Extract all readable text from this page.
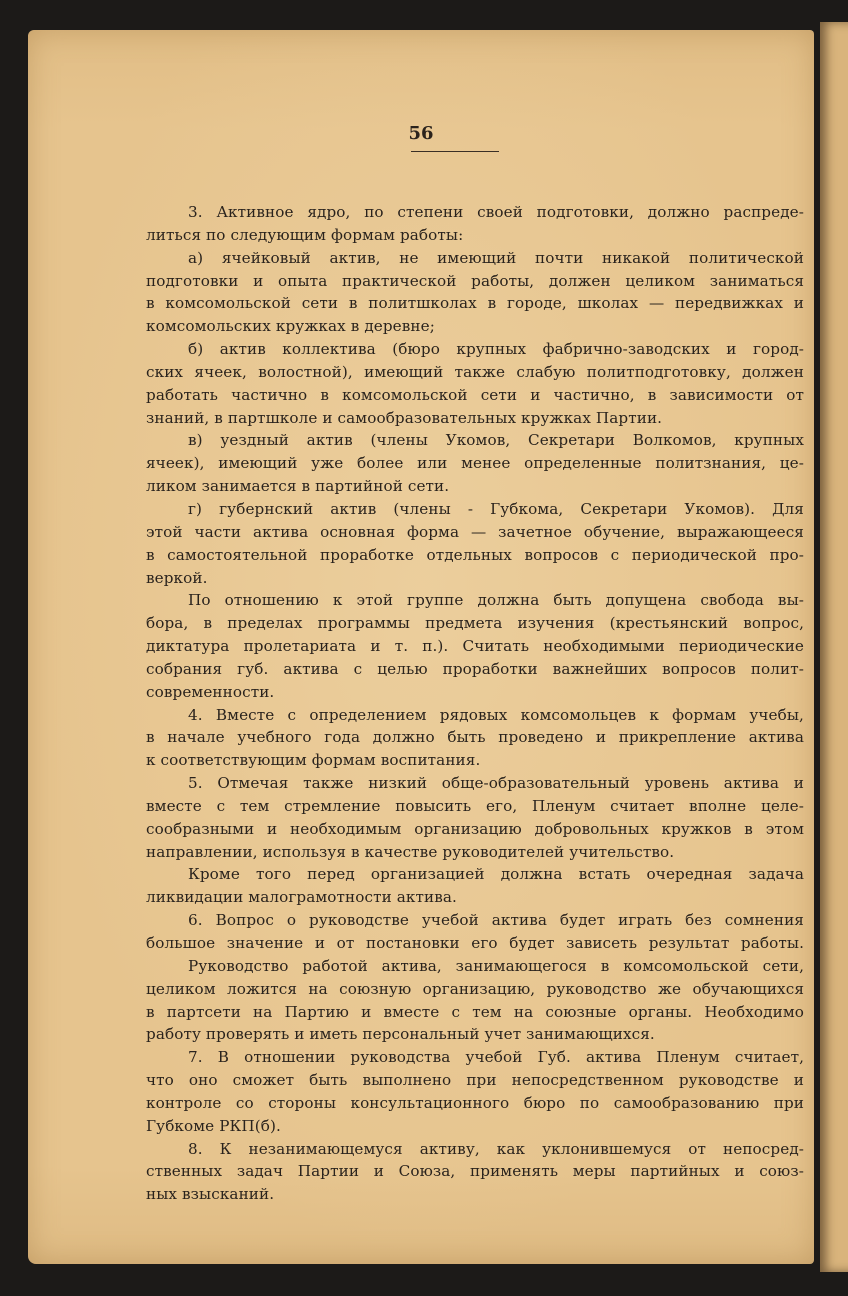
56
3. Активное ядро, по степени своей подготовки, должно распреде-
литься по следующим формам работы:
а) ячейковый актив, не имеющий почти никакой политической
подготовки и опыта практической работы, должен целиком заниматься
в комсомольской сети в политшколах в городе, школах — передвижках и
комсомольских кружках в деревне;
б) актив коллектива (бюро крупных фабрично-заводских и город-
ских ячеек, волостной), имеющий также слабую политподготовку, должен
работать частично в комсомольской сети и частично, в зависимости от
знаний, в партшколе и самообразовательных кружках Партии.
в) уездный актив (члены Укомов, Секретари Волкомов, крупных
ячеек), имеющий уже более или менее определенные политзнания, це-
ликом занимается в партийной сети.
г) губернский актив (члены - Губкома, Секретари Укомов). Для
этой части актива основная форма — зачетное обучение, выражающееся
в самостоятельной проработке отдельных вопросов с периодической про-
веркой.
По отношению к этой группе должна быть допущена свобода вы-
бора, в пределах программы предмета изучения (крестьянский вопрос,
диктатура пролетариата и т. п.). Считать необходимыми периодические
собрания губ. актива с целью проработки важнейших вопросов полит-
современности.
4. Вместе с определением рядовых комсомольцев к формам учебы,
в начале учебного года должно быть проведено и прикрепление актива
к соответствующим формам воспитания.
5. Отмечая также низкий обще-образовательный уровень актива и
вместе с тем стремление повысить его, Пленум считает вполне целе-
сообразными и необходимым организацию добровольных кружков в этом
направлении, используя в качестве руководителей учительство.
Кроме того перед организацией должна встать очередная задача
ликвидации малограмотности актива.
6. Вопрос о руководстве учебой актива будет играть без сомнения
большое значение и от постановки его будет зависеть результат работы.
Руководство работой актива, занимающегося в комсомольской сети,
целиком ложится на союзную организацию, руководство же обучающихся
в партсети на Партию и вместе с тем на союзные органы. Необходимо
работу проверять и иметь персональный учет занимающихся.
7. В отношении руководства учебой Губ. актива Пленум считает,
что оно сможет быть выполнено при непосредственном руководстве и
контроле со стороны консультационного бюро по самообразованию при
Губкоме РКП(б).
8. К незанимающемуся активу, как уклонившемуся от непосред-
ственных задач Партии и Союза, применять меры партийных и союз-
ных взысканий.
